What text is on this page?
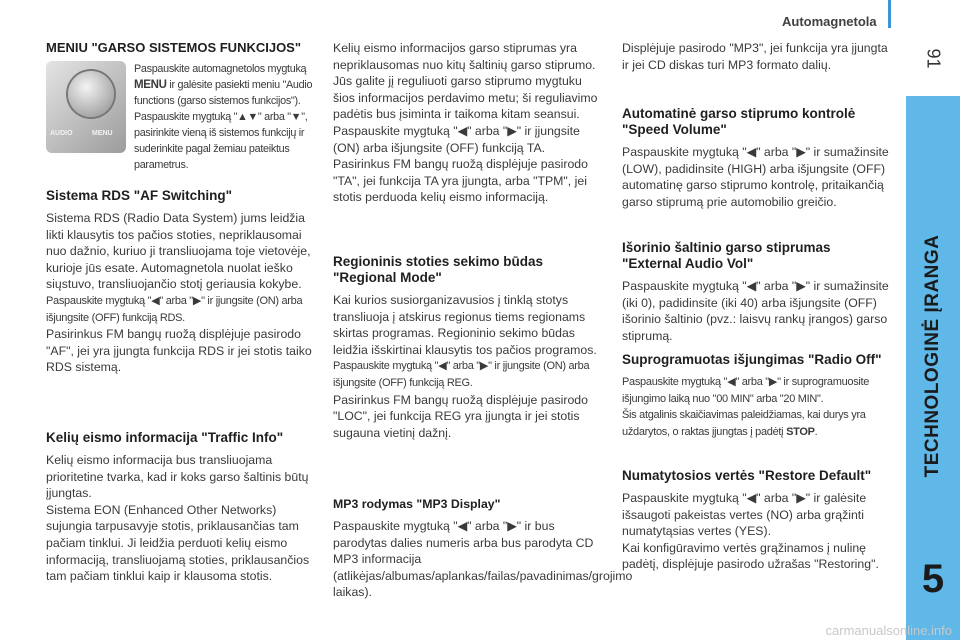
Automagnetola
91
TECHNOLOGINĖ ĮRANGA
5
MENIU "GARSO SISTEMOS FUNKCIJOS"
AUDIO	MENU
Paspauskite automagnetolos mygtuką MENU ir galėsite pasiekti meniu "Audio functions (garso sistemos funkcijos").
Paspauskite mygtuką "▲▼" arba "▼", pasirinkite vieną iš sistemos funkcijų ir suderinkite pagal žemiau pateiktus parametrus.
Sistema RDS "AF Switching"

Sistema RDS (Radio Data System) jums leidžia likti klausytis tos pačios stoties, nepriklausomai nuo dažnio, kuriuo ji transliuojama toje vietovėje, kurioje jūs esate. Automagnetola nuolat ieško siųstuvo, transliuojančio stotį geriausia kokybe.

Paspauskite mygtuką "◀" arba "▶" ir įjungsite (ON) arba išjungsite (OFF) funkciją RDS.

Pasirinkus FM bangų ruožą displėjuje pasirodo "AF", jei yra įjungta funkcija RDS ir jei stotis taiko RDS sistemą.

Kelių eismo informacija "Traffic Info"

Kelių eismo informacija bus transliuojama prioritetine tvarka, kad ir koks garso šaltinis būtų įjungtas.

Sistema EON (Enhanced Other Networks) sujungia tarpusavyje stotis, priklausančias tam pačiam tinklui. Ji leidžia perduoti kelių eismo informaciją, transliuojamą stoties, priklausančios tam pačiam tinklui kaip ir klausoma stotis.

Kelių eismo informacijos garso stiprumas yra nepriklausomas nuo kitų šaltinių garso stiprumo. Jūs galite jį reguliuoti garso stiprumo mygtuku šios informacijos perdavimo metu; ši reguliavimo padėtis bus įsiminta ir taikoma kitam seansui.

Paspauskite mygtuką "◀" arba "▶" ir įjungsite (ON) arba išjungsite (OFF) funkciją TA.

Pasirinkus FM bangų ruožą displėjuje pasirodo "TA", jei funkcija TA yra įjungta, arba "TPM", jei stotis perduoda kelių eismo informaciją.

Regioninis stoties sekimo būdas "Regional Mode"

Kai kurios susiorganizavusios į tinklą stotys transliuoja į atskirus regionus tiems regionams skirtas programas. Regioninio sekimo būdas leidžia išskirtinai klausytis tos pačios programos.

Paspauskite mygtuką "◀" arba "▶" ir įjungsite (ON) arba išjungsite (OFF) funkciją REG.

Pasirinkus FM bangų ruožą displėjuje pasirodo "LOC", jei funkcija REG yra įjungta ir jei stotis sugauna vietinį dažnį.

MP3 rodymas "MP3 Display"

Paspauskite mygtuką "◀" arba "▶" ir bus parodytas dalies numeris arba bus parodyta CD MP3 informacija (atlikėjas/albumas/aplankas/failas/pavadinimas/grojimo laikas).

Displėjuje pasirodo "MP3", jei funkcija yra įjungta ir jei CD diskas turi MP3 formato dalių.

Automatinė garso stiprumo kontrolė "Speed Volume"

Paspauskite mygtuką "◀" arba "▶" ir sumažinsite (LOW), padidinsite (HIGH) arba išjungsite (OFF) automatinę garso stiprumo kontrolę, pritaikančią garso stiprumą prie automobilio greičio.

Išorinio šaltinio garso stiprumas "External Audio Vol"

Paspauskite mygtuką "◀" arba "▶" ir sumažinsite (iki 0), padidinsite (iki 40) arba išjungsite (OFF) išorinio šaltinio (pvz.: laisvų rankų įrangos) garso stiprumą.

Suprogramuotas išjungimas "Radio Off"

Paspauskite mygtuką "◀" arba "▶" ir suprogramuosite išjungimo laiką nuo "00 MIN" arba "20 MIN".

Šis atgalinis skaičiavimas paleidžiamas, kai durys yra uždarytos, o raktas įjungtas į padėtį STOP.

Numatytosios vertės "Restore Default"

Paspauskite mygtuką "◀" arba "▶" ir galėsite išsaugoti pakeistas vertes (NO) arba grąžinti numatytąsias vertes (YES).

Kai konfigūravimo vertės grąžinamos į nulinę padėtį, displėjuje pasirodo užrašas "Restoring".

carmanualsonline.info
